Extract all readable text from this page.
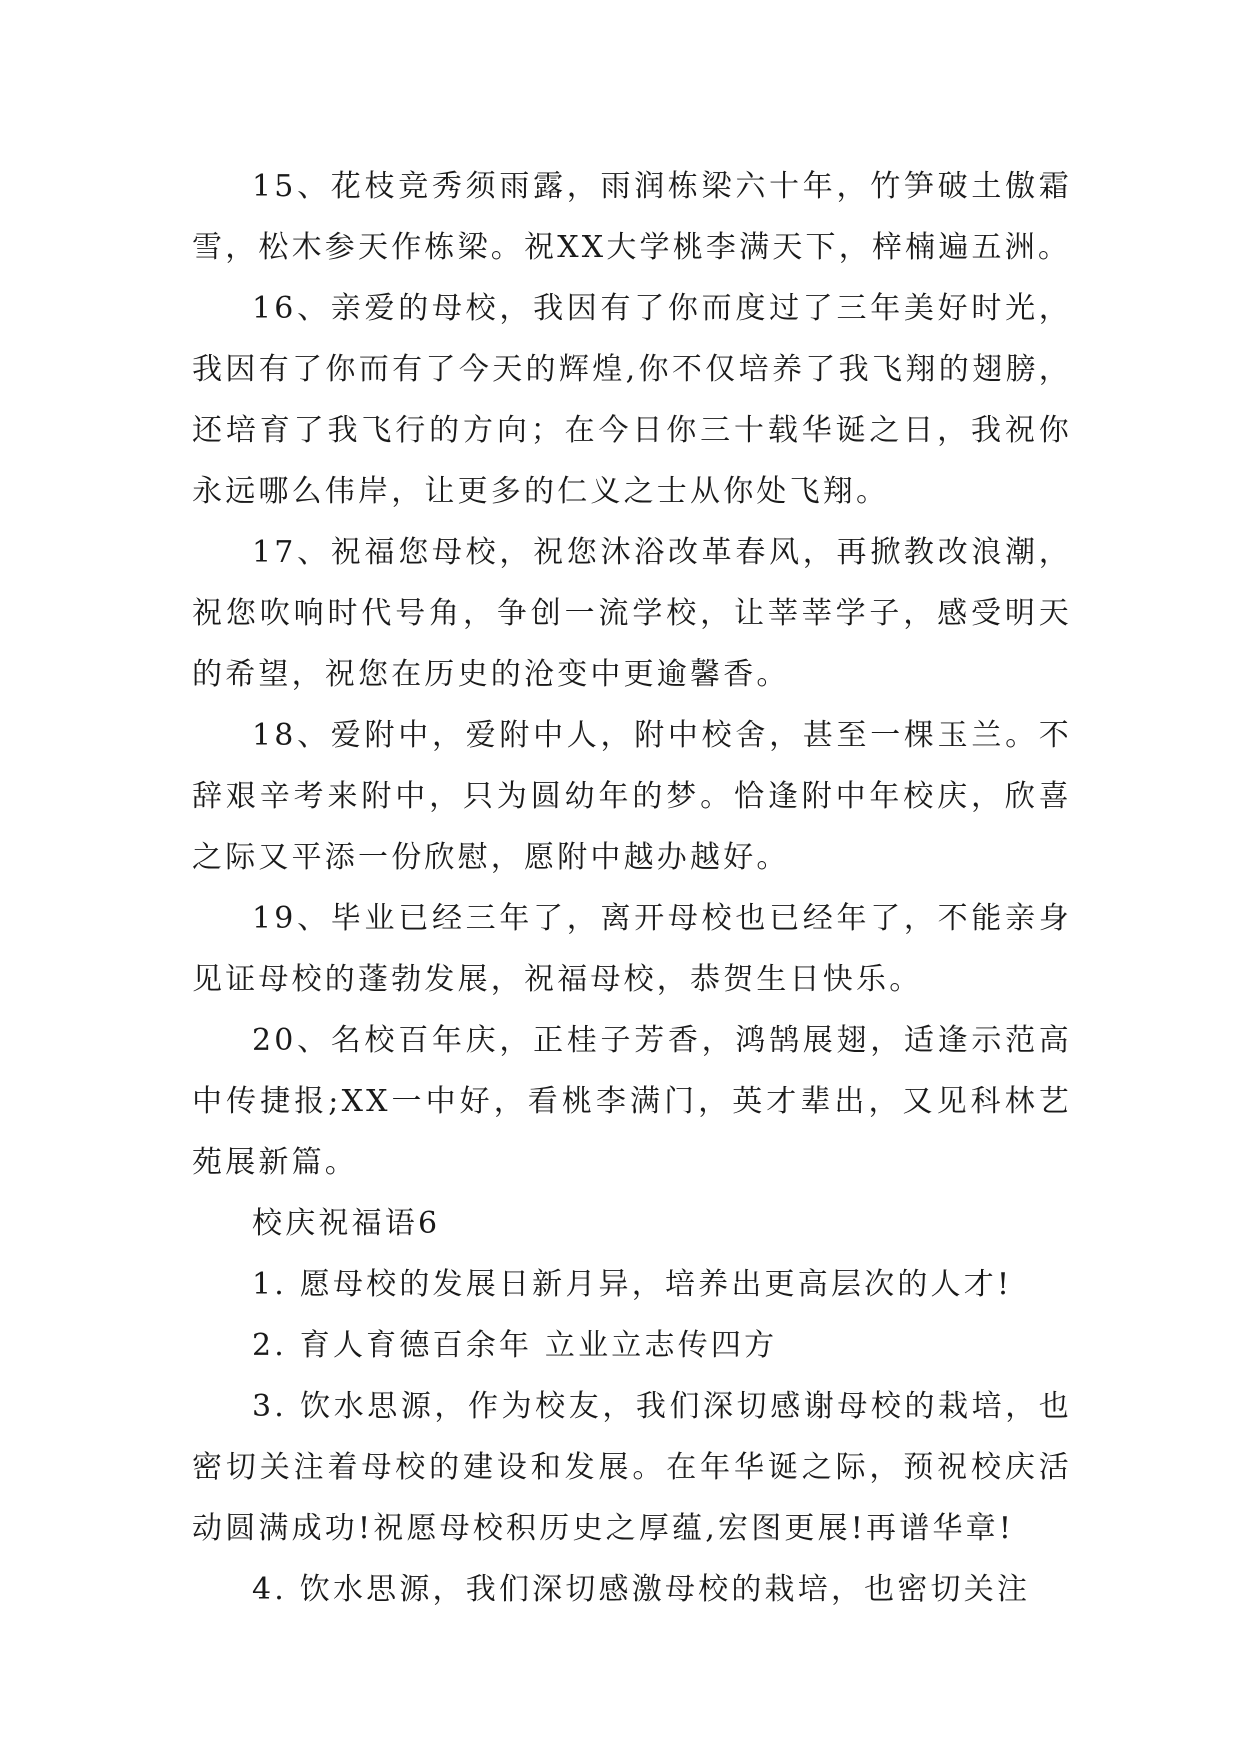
15、花枝竞秀须雨露，雨润栋梁六十年，竹笋破土傲霜雪，松木参天作栋梁。祝XX大学桃李满天下，梓楠遍五洲。

16、亲爱的母校，我因有了你而度过了三年美好时光，我因有了你而有了今天的辉煌,你不仅培养了我飞翔的翅膀，还培育了我飞行的方向；在今日你三十载华诞之日，我祝你永远哪么伟岸，让更多的仁义之士从你处飞翔。

17、祝福您母校，祝您沐浴改革春风，再掀教改浪潮，祝您吹响时代号角，争创一流学校，让莘莘学子，感受明天的希望，祝您在历史的沧变中更逾馨香。

18、爱附中，爱附中人，附中校舍，甚至一棵玉兰。不辞艰辛考来附中，只为圆幼年的梦。恰逢附中年校庆，欣喜之际又平添一份欣慰，愿附中越办越好。

19、毕业已经三年了，离开母校也已经年了，不能亲身见证母校的蓬勃发展，祝福母校，恭贺生日快乐。

20、名校百年庆，正桂子芳香，鸿鹄展翅，适逢示范高中传捷报;XX一中好，看桃李满门，英才辈出，又见科林艺苑展新篇。

校庆祝福语6

1. 愿母校的发展日新月异，培养出更高层次的人才!

2. 育人育德百余年 立业立志传四方

3. 饮水思源，作为校友，我们深切感谢母校的栽培，也密切关注着母校的建设和发展。在年华诞之际，预祝校庆活动圆满成功!祝愿母校积历史之厚蕴,宏图更展!再谱华章!

4. 饮水思源，我们深切感激母校的栽培，也密切关注
